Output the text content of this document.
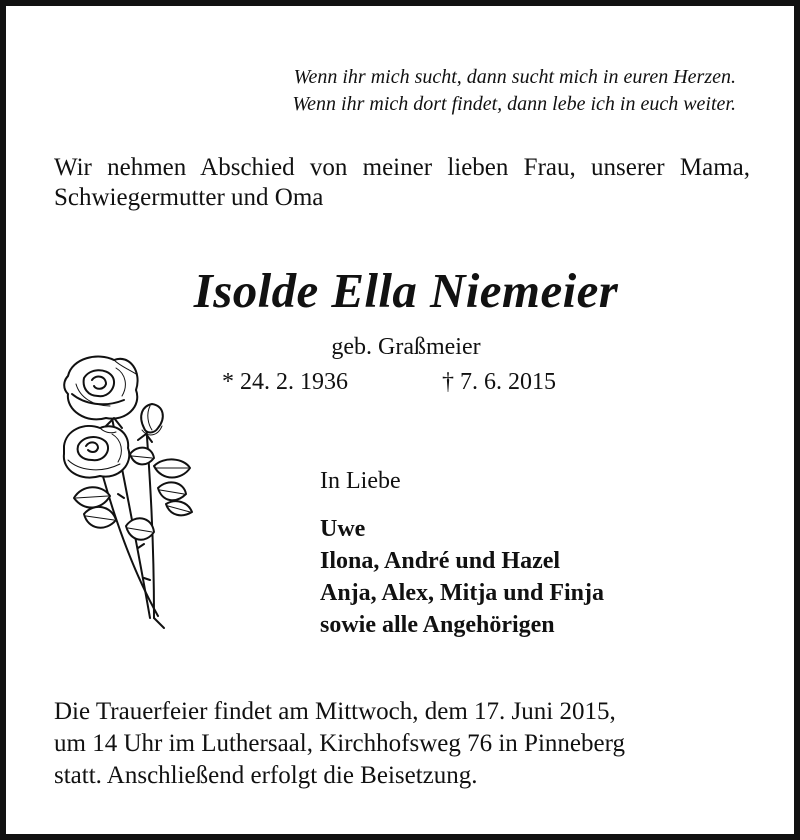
Wenn ihr mich sucht, dann sucht mich in euren Herzen.
Wenn ihr mich dort findet, dann lebe ich in euch weiter.
Wir nehmen Abschied von meiner lieben Frau, unserer Mama, Schwiegermutter und Oma
Isolde Ella Niemeier
geb. Graßmeier
* 24. 2. 1936	† 7. 6. 2015
In Liebe
Uwe
Ilona, André und Hazel
Anja, Alex, Mitja und Finja
sowie alle Angehörigen
Die Trauerfeier findet am Mittwoch, dem 17. Juni 2015,
um 14 Uhr im Luthersaal, Kirchhofsweg 76 in Pinneberg
statt. Anschließend erfolgt die Beisetzung.
